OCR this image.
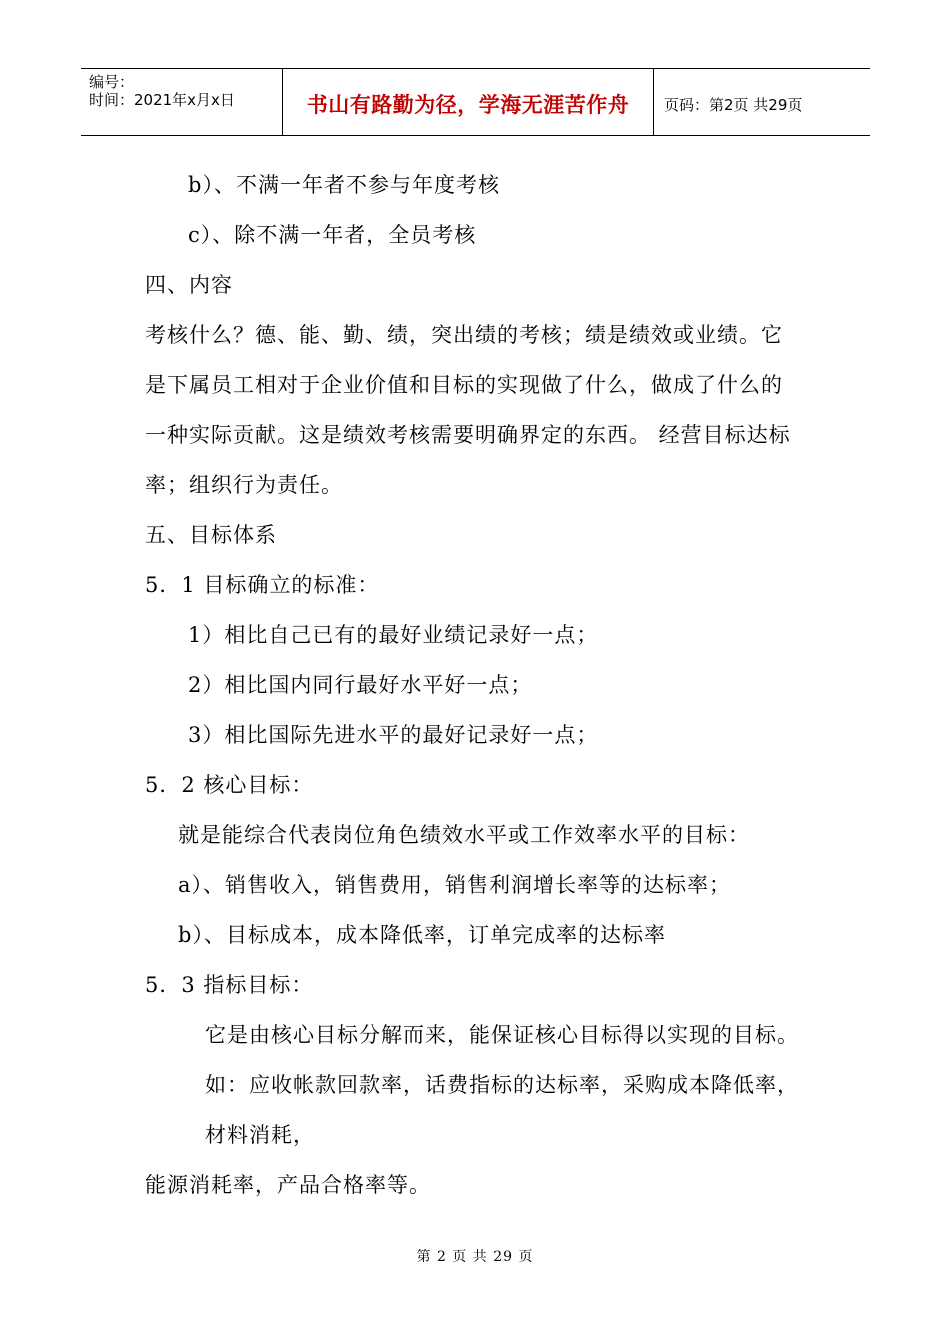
编号：
时间：2021年x月x日	书山有路勤为径，学海无涯苦作舟 页码：第2页 共29页
b）、不满一年者不参与年度考核
c）、除不满一年者，全员考核
四、内容
考核什么？德、能、勤、绩，突出绩的考核；绩是绩效或业绩。它
是下属员工相对于企业价值和目标的实现做了什么，做成了什么的
一种实际贡献。这是绩效考核需要明确界定的东西。 经营目标达标
率；组织行为责任。
五、目标体系
5．1 目标确立的标准：
1）相比自己已有的最好业绩记录好一点；
2）相比国内同行最好水平好一点；
3）相比国际先进水平的最好记录好一点；
5．2 核心目标：
就是能综合代表岗位角色绩效水平或工作效率水平的目标：
a）、销售收入，销售费用，销售利润增长率等的达标率；
b）、目标成本，成本降低率，订单完成率的达标率
5．3 指标目标：
它是由核心目标分解而来，能保证核心目标得以实现的目标。
如：应收帐款回款率，话费指标的达标率，采购成本降低率，
材料消耗，
能源消耗率，产品合格率等。
第 2 页 共 29 页
